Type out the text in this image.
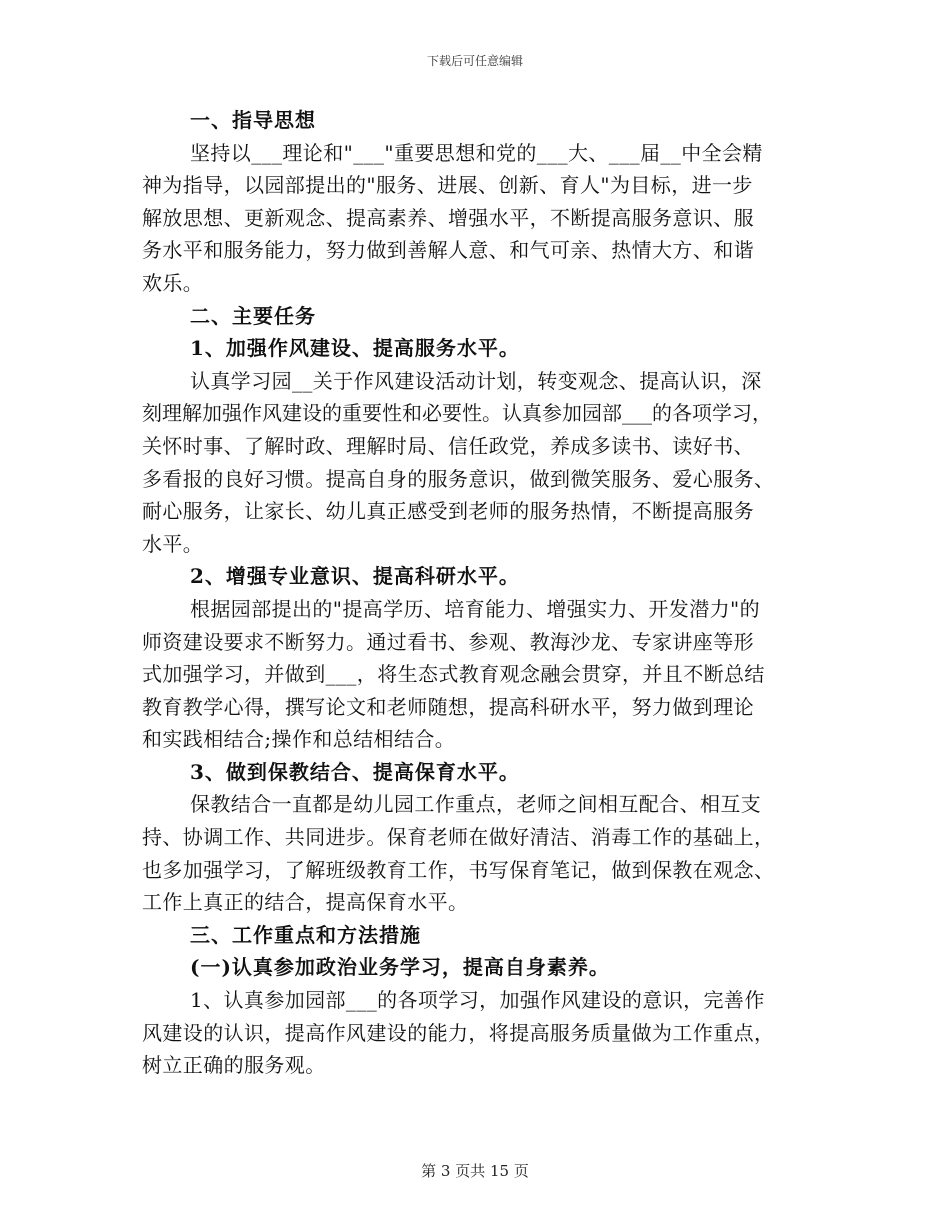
下载后可任意编辑
一、指导思想
坚持以___理论和"___"重要思想和党的___大、___届__中全会精
神为指导，以园部提出的"服务、进展、创新、育人"为目标，进一步
解放思想、更新观念、提高素养、增强水平，不断提高服务意识、服
务水平和服务能力，努力做到善解人意、和气可亲、热情大方、和谐
欢乐。
二、主要任务
1、加强作风建设、提高服务水平。
认真学习园__关于作风建设活动计划，转变观念、提高认识，深
刻理解加强作风建设的重要性和必要性。认真参加园部___的各项学习，
关怀时事、了解时政、理解时局、信任政党，养成多读书、读好书、
多看报的良好习惯。提高自身的服务意识，做到微笑服务、爱心服务、
耐心服务，让家长、幼儿真正感受到老师的服务热情，不断提高服务
水平。
2、增强专业意识、提高科研水平。
根据园部提出的"提高学历、培育能力、增强实力、开发潜力"的
师资建设要求不断努力。通过看书、参观、教海沙龙、专家讲座等形
式加强学习，并做到___，将生态式教育观念融会贯穿，并且不断总结
教育教学心得，撰写论文和老师随想，提高科研水平，努力做到理论
和实践相结合;操作和总结相结合。
3、做到保教结合、提高保育水平。
保教结合一直都是幼儿园工作重点，老师之间相互配合、相互支
持、协调工作、共同进步。保育老师在做好清洁、消毒工作的基础上，
也多加强学习，了解班级教育工作，书写保育笔记，做到保教在观念、
工作上真正的结合，提高保育水平。
三、工作重点和方法措施
(一)认真参加政治业务学习，提高自身素养。
1、认真参加园部___的各项学习，加强作风建设的意识，完善作
风建设的认识，提高作风建设的能力，将提高服务质量做为工作重点，
树立正确的服务观。
第 3 页共 15 页
